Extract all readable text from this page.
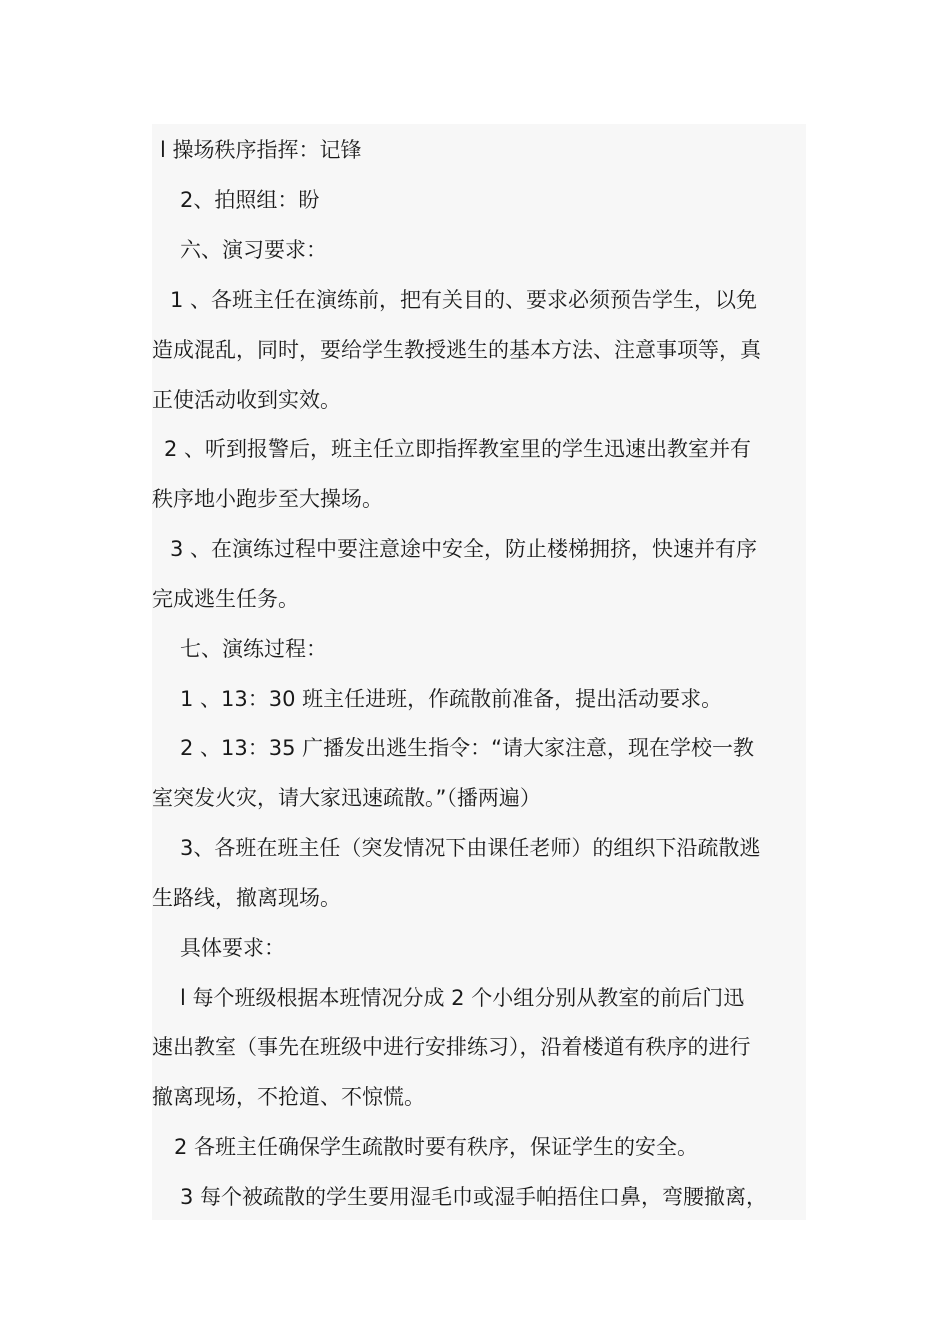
l 操场秩序指挥：记锋
2、拍照组：盼
六、演习要求：
1 、各班主任在演练前，把有关目的、要求必须预告学生，以免
造成混乱，同时，要给学生教授逃生的基本方法、注意事项等，真
正使活动收到实效。
2 、听到报警后，班主任立即指挥教室里的学生迅速出教室并有
秩序地小跑步至大操场。
3 、在演练过程中要注意途中安全，防止楼梯拥挤，快速并有序
完成逃生任务。
七、演练过程：
1 、13：30 班主任进班，作疏散前准备，提出活动要求。
2 、13：35 广播发出逃生指令：“请大家注意，现在学校一教
室突发火灾，请大家迅速疏散。”（播两遍）
3、各班在班主任（突发情况下由课任老师）的组织下沿疏散逃
生路线，撤离现场。
具体要求：
l 每个班级根据本班情况分成 2 个小组分别从教室的前后门迅
速出教室（事先在班级中进行安排练习），沿着楼道有秩序的进行
撤离现场，不抢道、不惊慌。
2 各班主任确保学生疏散时要有秩序，保证学生的安全。
3 每个被疏散的学生要用湿毛巾或湿手帕捂住口鼻，弯腰撤离，
